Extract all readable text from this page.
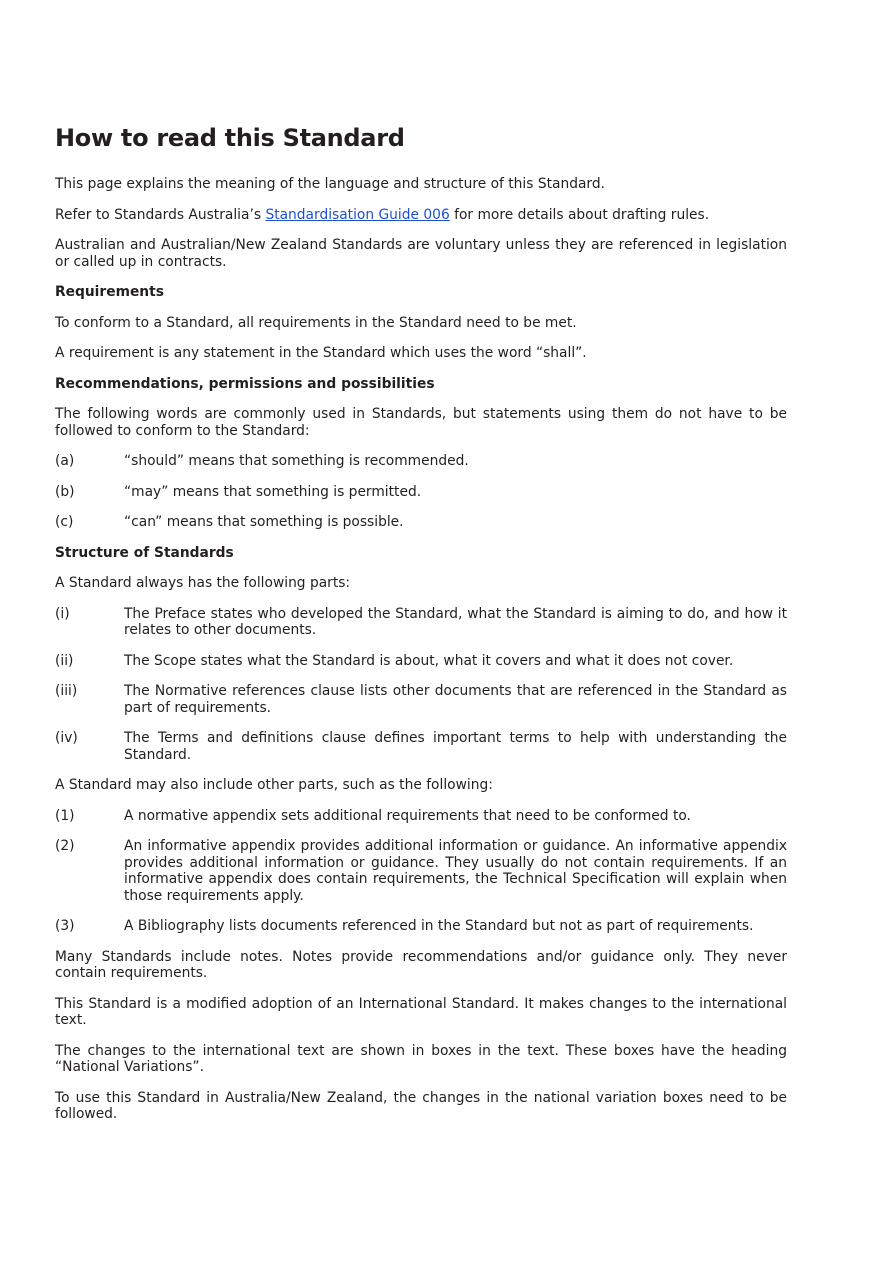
How to read this Standard

This page explains the meaning of the language and structure of this Standard.

Refer to Standards Australia’s Standardisation Guide 006 for more details about drafting rules.

Australian and Australian/New Zealand Standards are voluntary unless they are referenced in legislation or called up in contracts.

Requirements

To conform to a Standard, all requirements in the Standard need to be met.

A requirement is any statement in the Standard which uses the word “shall”.

Recommendations, permissions and possibilities

The following words are commonly used in Standards, but statements using them do not have to be followed to conform to the Standard:

(a)	“should” means that something is recommended.
(b)	“may” means that something is permitted.
(c)	“can” means that something is possible.
Structure of Standards

A Standard always has the following parts:

(i)	The Preface states who developed the Standard, what the Standard is aiming to do, and how it relates to other documents.
(ii)	The Scope states what the Standard is about, what it covers and what it does not cover.
(iii)	The Normative references clause lists other documents that are referenced in the Standard as part of requirements.
(iv)	The Terms and definitions clause defines important terms to help with understanding the Standard.

A Standard may also include other parts, such as the following:

(1)	A normative appendix sets additional requirements that need to be conformed to.
(2)	An informative appendix provides additional information or guidance. An informative appendix provides additional information or guidance. They usually do not contain requirements. If an informative appendix does contain requirements, the Technical Specification will explain when those requirements apply.
(3)	A Bibliography lists documents referenced in the Standard but not as part of requirements.

Many Standards include notes. Notes provide recommendations and/or guidance only. They never contain requirements.

This Standard is a modified adoption of an International Standard. It makes changes to the international text.

The changes to the international text are shown in boxes in the text. These boxes have the heading “National Variations”.

To use this Standard in Australia/New Zealand, the changes in the national variation boxes need to be followed.
